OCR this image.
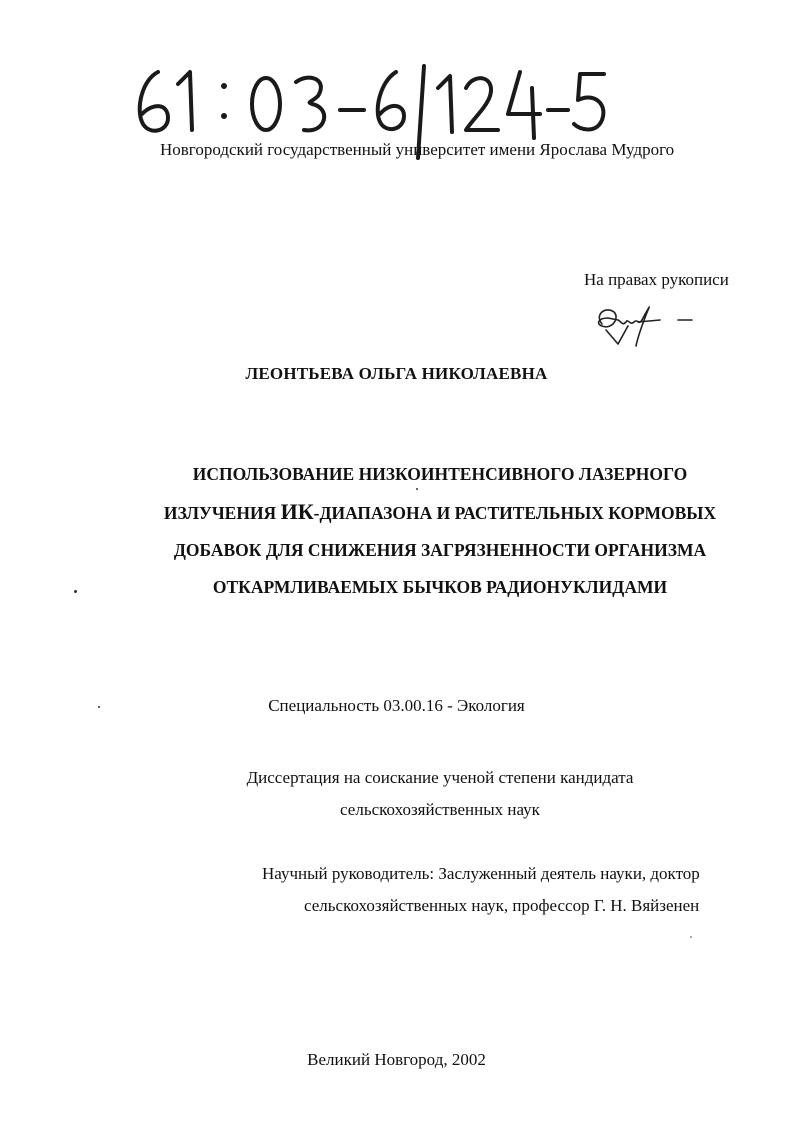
Новгородский государственный университет имени Ярослава Мудрого
На правах рукописи
ЛЕОНТЬЕВА ОЛЬГА НИКОЛАЕВНА
ИСПОЛЬЗОВАНИЕ НИЗКОИНТЕНСИВНОГО ЛАЗЕРНОГО
ИЗЛУЧЕНИЯ ИК-ДИАПАЗОНА И РАСТИТЕЛЬНЫХ КОРМОВЫХ
ДОБАВОК ДЛЯ СНИЖЕНИЯ ЗАГРЯЗНЕННОСТИ ОРГАНИЗМА
ОТКАРМЛИВАЕМЫХ БЫЧКОВ РАДИОНУКЛИДАМИ
Специальность 03.00.16 - Экология
Диссертация на соискание ученой степени кандидата
сельскохозяйственных наук
Научный руководитель: Заслуженный деятель науки, доктор
сельскохозяйственных наук, профессор Г. Н. Вяйзенен
Великий Новгород, 2002
